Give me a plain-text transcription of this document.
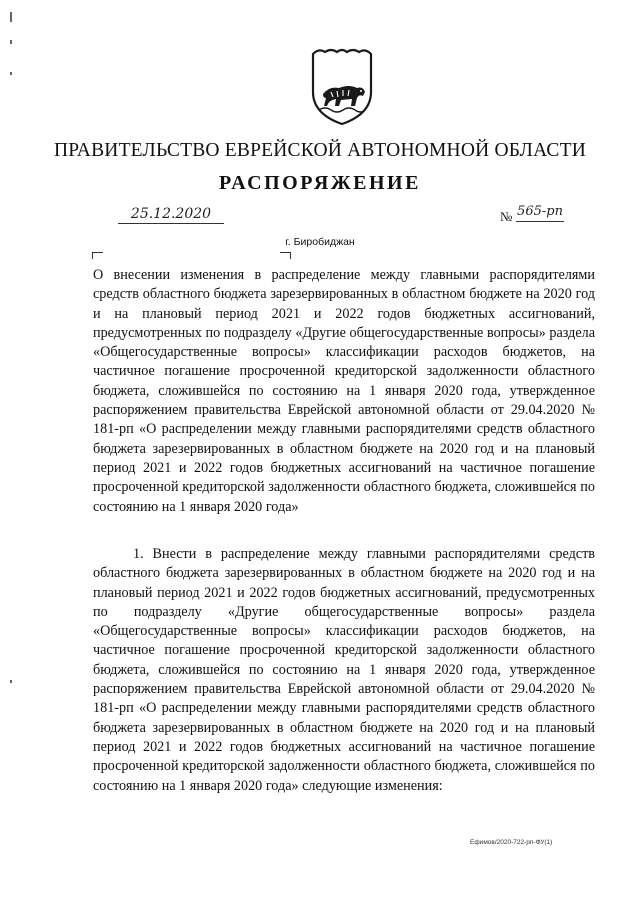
ПРАВИТЕЛЬСТВО ЕВРЕЙСКОЙ АВТОНОМНОЙ ОБЛАСТИ
РАСПОРЯЖЕНИЕ
25.12.2020	№ 565-рп
г. Биробиджан
О внесении изменения в распределение между главными распорядителями средств областного бюджета зарезервированных в областном бюджете на 2020 год и на плановый период 2021 и 2022 годов бюджетных ассигнований, предусмотренных по подразделу «Другие общегосударственные вопросы» раздела «Общегосударственные вопросы» классификации расходов бюджетов, на частичное погашение просроченной кредиторской задолженности областного бюджета, сложившейся по состоянию на 1 января 2020 года, утвержденное распоряжением правительства Еврейской автономной области от 29.04.2020 № 181-рп «О распределении между главными распорядителями средств областного бюджета зарезервированных в областном бюджете на 2020 год и на плановый период 2021 и 2022 годов бюджетных ассигнований на частичное погашение просроченной кредиторской задолженности областного бюджета, сложившейся по состоянию на 1 января 2020 года»
1. Внести в распределение между главными распорядителями средств областного бюджета зарезервированных в областном бюджете на 2020 год и на плановый период 2021 и 2022 годов бюджетных ассигнований, предусмотренных по подразделу «Другие общегосударственные вопросы» раздела «Общегосударственные вопросы» классификации расходов бюджетов, на частичное погашение просроченной кредиторской задолженности областного бюджета, сложившейся по состоянию на 1 января 2020 года, утвержденное распоряжением правительства Еврейской автономной области от 29.04.2020 № 181-рп «О распределении между главными распорядителями средств областного бюджета зарезервированных в областном бюджете на 2020 год и на плановый период 2021 и 2022 годов бюджетных ассигнований на частичное погашение просроченной кредиторской задолженности областного бюджета, сложившейся по состоянию на 1 января 2020 года» следующие изменения:
Ефимов/2020-722-рп-ФУ(1)
